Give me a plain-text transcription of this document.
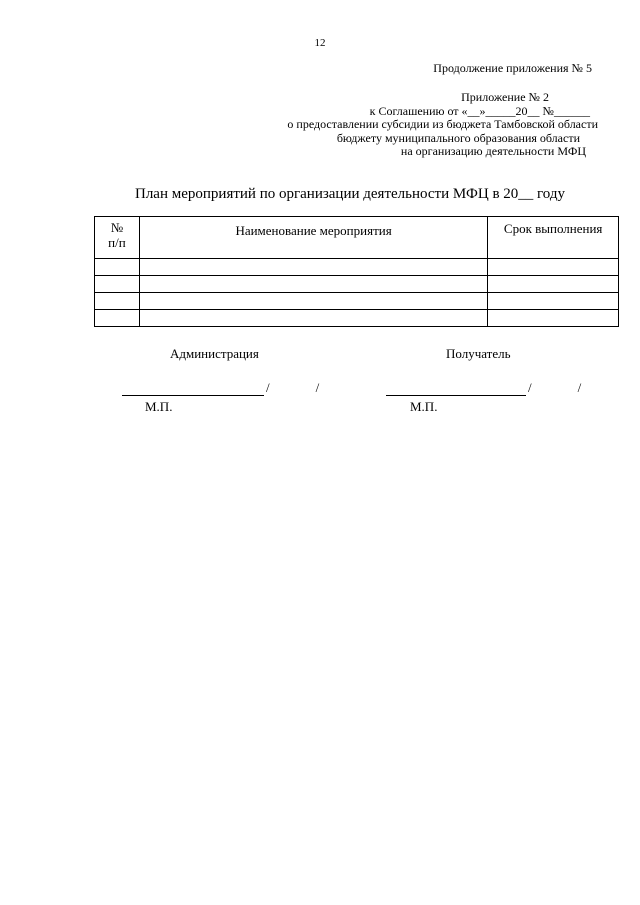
12
Продолжение приложения № 5
Приложение № 2
к Соглашению от «__»_____20__ №______
о предоставлении субсидии из бюджета Тамбовской области
бюджету муниципального образования области
на организацию деятельности МФЦ
План мероприятий по организации деятельности МФЦ в 20__ году
№
п/п	Наименование мероприятия	Срок выполнения

Администрация	Получатель
/	/	/	/
М.П.	М.П.
